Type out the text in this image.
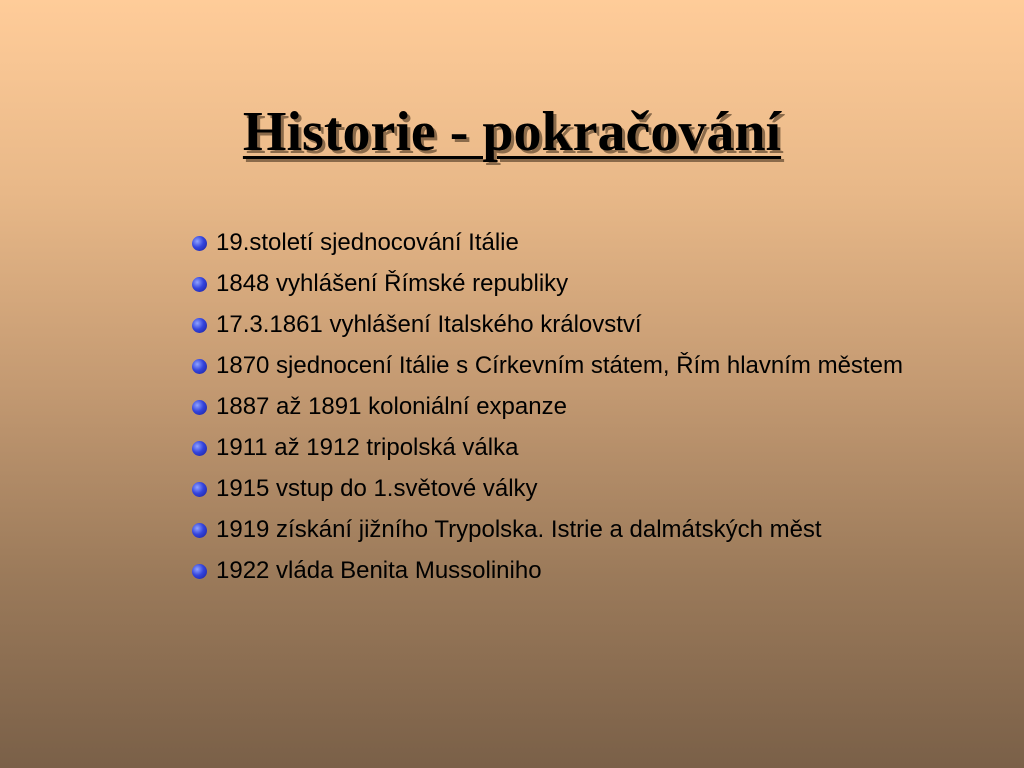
Historie - pokračování
19.století sjednocování Itálie
1848 vyhlášení Římské republiky
17.3.1861 vyhlášení Italského království
1870 sjednocení Itálie s Církevním státem, Řím hlavním městem
1887 až 1891 koloniální expanze
1911 až 1912 tripolská válka
1915 vstup do 1.světové války
1919 získání jižního Trypolska. Istrie a dalmátských měst
1922 vláda Benita Mussoliniho
